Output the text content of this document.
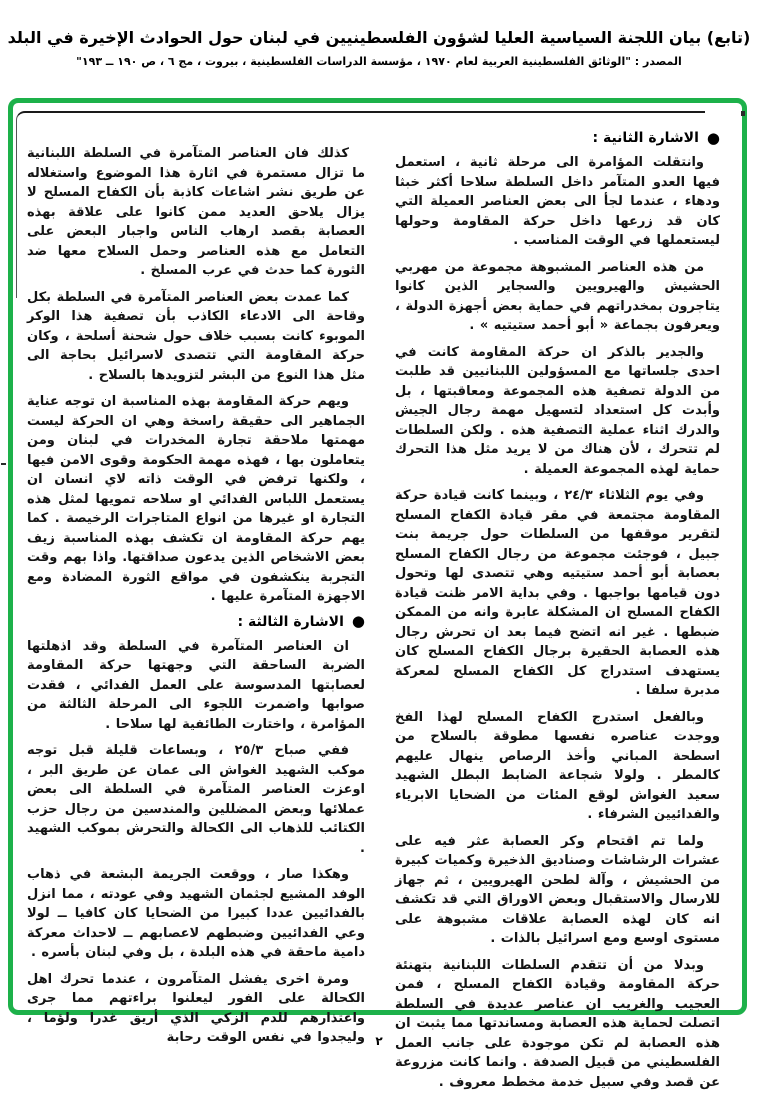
(تابع) بيان اللجنة السياسية العليا لشؤون الفلسطينيين في لبنان حول الحوادث الإخيرة في البلد
المصدر : "الوثائق الفلسطينية العربية لعام ١٩٧٠ ، مؤسسة الدراسات الفلسطينية ، بيروت ، مج ٦ ، ص ١٩٠ ــ ١٩٣"
●
الاشارة الثانية :

وانتقلت المؤامرة الى مرحلة ثانية ، استعمل فيها العدو المتآمر داخل السلطة سلاحا أكثر خبثا ودهاء ، عندما لجأ الى بعض العناصر العميلة التي كان قد زرعها داخل حركة المقاومة وحولها ليستعملها في الوقت المناسب .

من هذه العناصر المشبوهة مجموعة من مهربي الحشيش والهيرويين والسجاير الذين كانوا يتاجرون بمخدراتهم في حماية بعض أجهزة الدولة ، ويعرفون بجماعة « أبو أحمد ستيتيه » .

والجدير بالذكر ان حركة المقاومة كانت في احدى جلساتها مع المسؤولين اللبنانيين قد طلبت من الدولة تصفية هذه المجموعة ومعاقبتها ، بل وأبدت كل استعداد لتسهيل مهمة رجال الجيش والدرك اثناء عملية التصفية هذه . ولكن السلطات لم تتحرك ، لأن هناك من لا يريد مثل هذا التحرك حماية لهذه المجموعة العميلة .

وفي يوم الثلاثاء ٢٤/٣ ، وبينما كانت قيادة حركة المقاومة مجتمعة في مقر قيادة الكفاح المسلح لتقرير موقفها من السلطات حول جريمة بنت جبيل ، فوجئت مجموعة من رجال الكفاح المسلح بعصابة أبو أحمد ستيتيه وهي تتصدى لها وتحول دون قيامها بواجبها . وفي بداية الامر ظنت قيادة الكفاح المسلح ان المشكلة عابرة وانه من الممكن ضبطها . غير انه اتضح فيما بعد ان تحرش رجال هذه العصابة الحقيرة برجال الكفاح المسلح كان يستهدف استدراج كل الكفاح المسلح لمعركة مدبرة سلفا .

وبالفعل استدرج الكفاح المسلح لهذا الفخ ووجدت عناصره نفسها مطوقة بالسلاح من اسطحة المباني وأخذ الرصاص ينهال عليهم كالمطر . ولولا شجاعة الضابط البطل الشهيد سعيد الغواش لوقع المئات من الضحايا الابرياء والفدائيين الشرفاء .

ولما تم اقتحام وكر العصابة عثر فيه على عشرات الرشاشات وصناديق الذخيرة وكميات كبيرة من الحشيش ، وآلة لطحن الهيرويين ، ثم جهاز للارسال والاستقبال وبعض الاوراق التي قد تكشف انه كان لهذه العصابة علاقات مشبوهة على مستوى اوسع ومع اسرائيل بالذات .

وبدلا من أن تتقدم السلطات اللبنانية بتهنئة حركة المقاومة وقيادة الكفاح المسلح ، فمن العجيب والغريب ان عناصر عديدة في السلطة اتصلت لحماية هذه العصابة ومساندتها مما يثبت ان هذه العصابة لم تكن موجودة على جانب العمل الفلسطيني من قبيل الصدفة . وانما كانت مزروعة عن قصد وفي سبيل خدمة مخطط معروف .

كذلك فان العناصر المتآمرة في السلطة اللبنانية ما تزال مستمرة في اثارة هذا الموضوع واستغلاله عن طريق نشر اشاعات كاذبة بأن الكفاح المسلح لا يزال يلاحق العديد ممن كانوا على علاقة بهذه العصابة بقصد ارهاب الناس واجبار البعض على التعامل مع هذه العناصر وحمل السلاح معها ضد الثورة كما حدث في عرب المسلخ .

كما عمدت بعض العناصر المتآمرة في السلطة بكل وقاحة الى الادعاء الكاذب بأن تصفية هذا الوكر الموبوء كانت بسبب خلاف حول شحنة أسلحة ، وكان حركة المقاومة التي تتصدى لاسرائيل بحاجة الى مثل هذا النوع من البشر لتزويدها بالسلاح .

ويهم حركة المقاومة بهذه المناسبة ان توجه عناية الجماهير الى حقيقة راسخة وهي ان الحركة ليست مهمتها ملاحقة تجارة المخدرات في لبنان ومن يتعاملون بها ، فهذه مهمة الحكومة وقوى الامن فيها ، ولكنها ترفض في الوقت ذاته لاي انسان ان يستعمل اللباس الفدائي او سلاحه تمويها لمثل هذه التجارة او غيرها من انواع المتاجرات الرخيصة . كما يهم حركة المقاومة ان تكشف بهذه المناسبة زيف بعض الاشخاص الذين يدعون صداقتها. واذا بهم وقت التجربة ينكشفون في مواقع الثورة المضادة ومع الاجهزة المتآمرة عليها .

●
الاشارة الثالثة :

ان العناصر المتآمرة في السلطة وقد اذهلتها الضربة الساحقة التي وجهتها حركة المقاومة لعصابتها المدسوسة على العمل الفدائي ، فقدت صوابها واضمرت اللجوء الى المرحلة الثالثة من المؤامرة ، واختارت الطائفية لها سلاحا .

ففي صباح ٢٥/٣ ، وبساعات قليلة قبل توجه موكب الشهيد الغواش الى عمان عن طريق البر ، اوعزت العناصر المتآمرة في السلطة الى بعض عملائها وبعض المضللين والمندسين من رجال حزب الكتائب للذهاب الى الكحالة والتحرش بموكب الشهيد .

وهكذا صار ، ووقعت الجريمة البشعة في ذهاب الوفد المشيع لجثمان الشهيد وفي عودته ، مما انزل بالفدائيين عددا كبيرا من الضحايا كان كافيا ــ لولا وعي الفدائيين وضبطهم لاعصابهم ــ لاحداث معركة دامية ماحقة في هذه البلدة ، بل وفي لبنان بأسره .

ومرة اخرى يفشل المتآمرون ، عندما تحرك اهل الكحالة على الفور ليعلنوا براءتهم مما جرى واعتذارهم للدم الزكي الذي أريق غدرا ولؤما ، وليجدوا في نفس الوقت رحابة ٢
